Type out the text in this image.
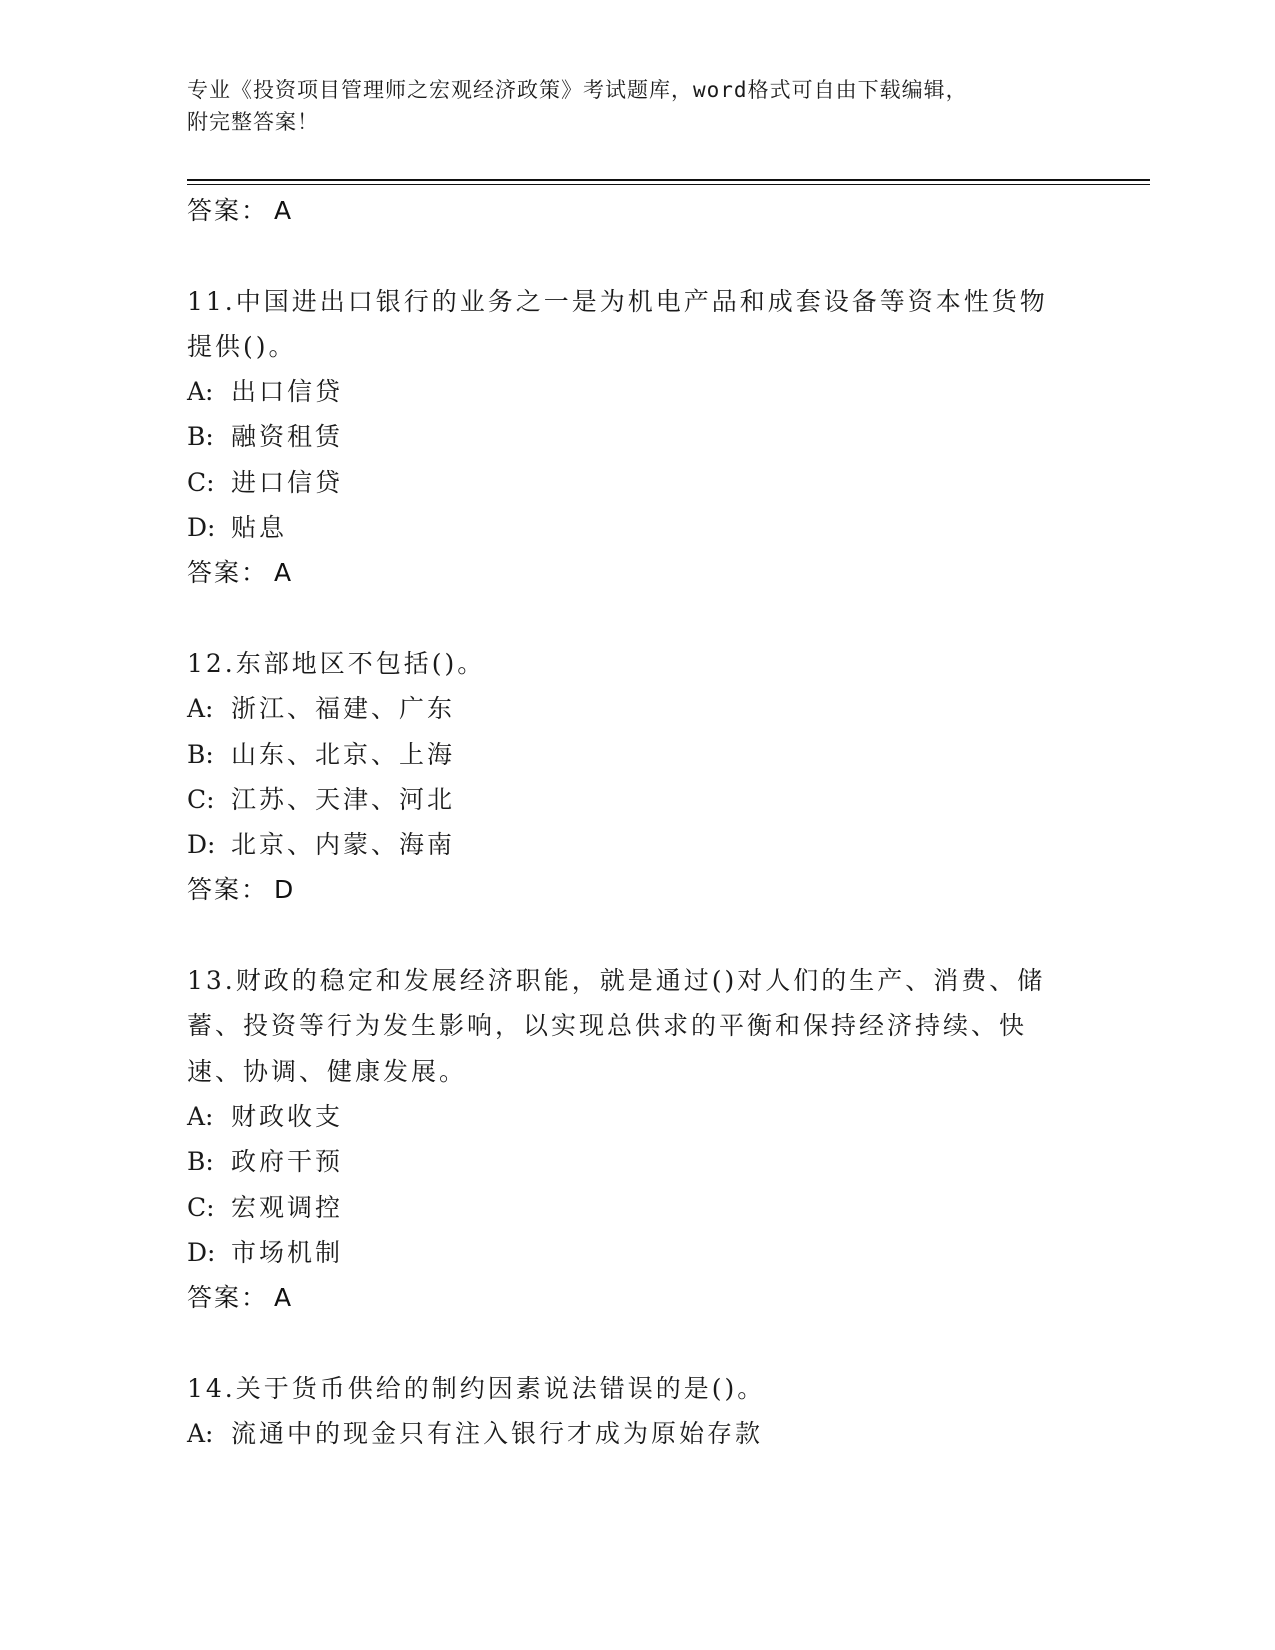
专业《投资项目管理师之宏观经济政策》考试题库，word格式可自由下载编辑，
附完整答案！
答案： A
11.中国进出口银行的业务之一是为机电产品和成套设备等资本性货物
提供()。
A: 出口信贷
B: 融资租赁
C: 进口信贷
D: 贴息
答案： A
12.东部地区不包括()。
A: 浙江、福建、广东
B: 山东、北京、上海
C: 江苏、天津、河北
D: 北京、内蒙、海南
答案： D
13.财政的稳定和发展经济职能，就是通过()对人们的生产、消费、储
蓄、投资等行为发生影响，以实现总供求的平衡和保持经济持续、快
速、协调、健康发展。
A: 财政收支
B: 政府干预
C: 宏观调控
D: 市场机制
答案： A
14.关于货币供给的制约因素说法错误的是()。
A: 流通中的现金只有注入银行才成为原始存款
